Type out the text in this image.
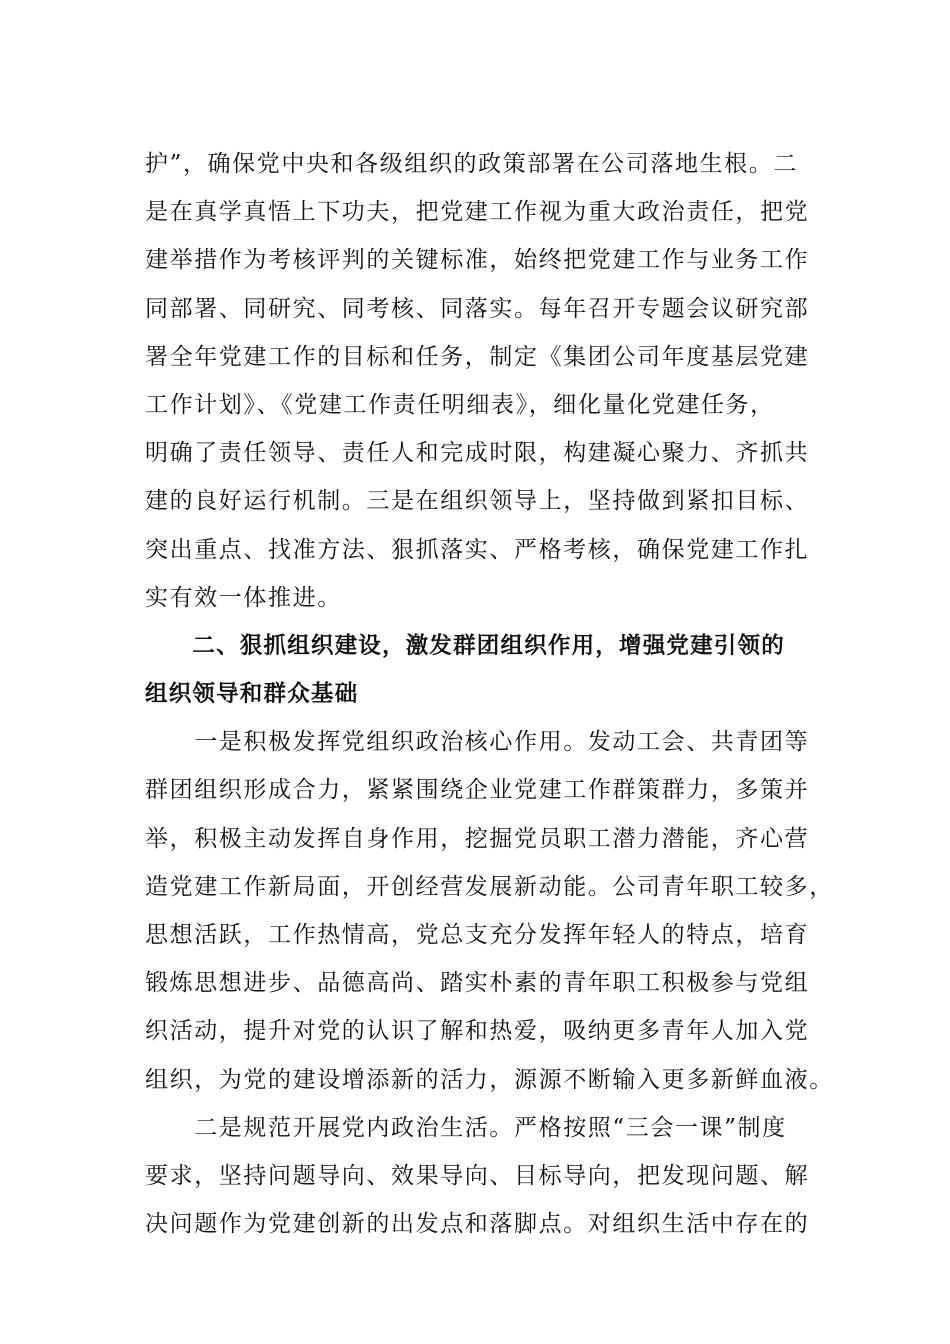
护”，确保党中央和各级组织的政策部署在公司落地生根。二
是在真学真悟上下功夫，把党建工作视为重大政治责任，把党
建举措作为考核评判的关键标准，始终把党建工作与业务工作
同部署、同研究、同考核、同落实。每年召开专题会议研究部
署全年党建工作的目标和任务，制定《集团公司年度基层党建
工作计划》、《党建工作责任明细表》，细化量化党建任务，
明确了责任领导、责任人和完成时限，构建凝心聚力、齐抓共
建的良好运行机制。三是在组织领导上，坚持做到紧扣目标、
突出重点、找准方法、狠抓落实、严格考核，确保党建工作扎
实有效一体推进。
　　二、狠抓组织建设，激发群团组织作用，增强党建引领的
组织领导和群众基础
　　一是积极发挥党组织政治核心作用。发动工会、共青团等
群团组织形成合力，紧紧围绕企业党建工作群策群力，多策并
举，积极主动发挥自身作用，挖掘党员职工潜力潜能，齐心营
造党建工作新局面，开创经营发展新动能。公司青年职工较多，
思想活跃，工作热情高，党总支充分发挥年轻人的特点，培育
锻炼思想进步、品德高尚、踏实朴素的青年职工积极参与党组
织活动，提升对党的认识了解和热爱，吸纳更多青年人加入党
组织，为党的建设增添新的活力，源源不断输入更多新鲜血液。
　　二是规范开展党内政治生活。严格按照“三会一课”制度
要求，坚持问题导向、效果导向、目标导向，把发现问题、解
决问题作为党建创新的出发点和落脚点。对组织生活中存在的
